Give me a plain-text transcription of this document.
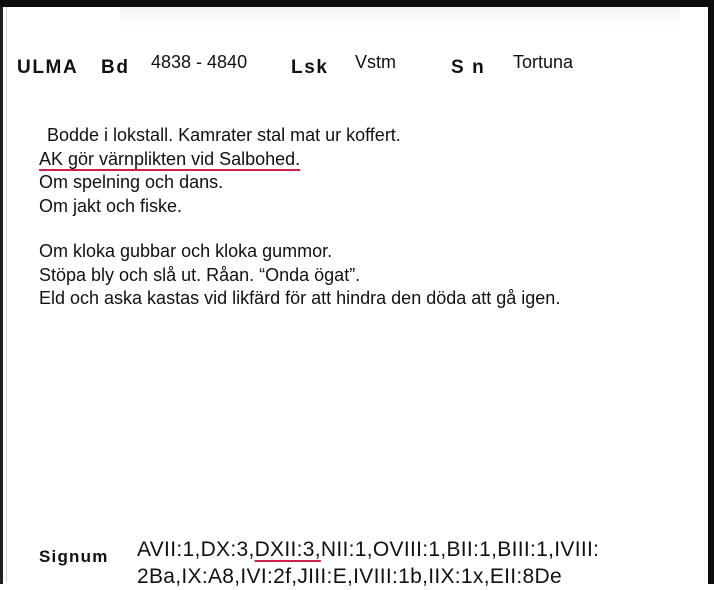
ULMA Bd 4838 - 4840 Lsk Vstm	S n Tortuna
Bodde i lokstall. Kamrater stal mat ur koffert.
AK gör värnplikten vid Salbohed.
Om spelning och dans.
Om jakt och fiske.
Om kloka gubbar och kloka gummor.
Stöpa bly och slå ut. Råan. “Onda ögat”.
Eld och aska kastas vid likfärd för att hindra den döda att gå igen.
Signum AVII:1,DX:3,DXII:3,NII:1,OVIII:1,BII:1,BIII:1,IVIII:
2Ba,IX:A8,IVI:2f,JIII:E,IVIII:1b,IIX:1x,EII:8De
